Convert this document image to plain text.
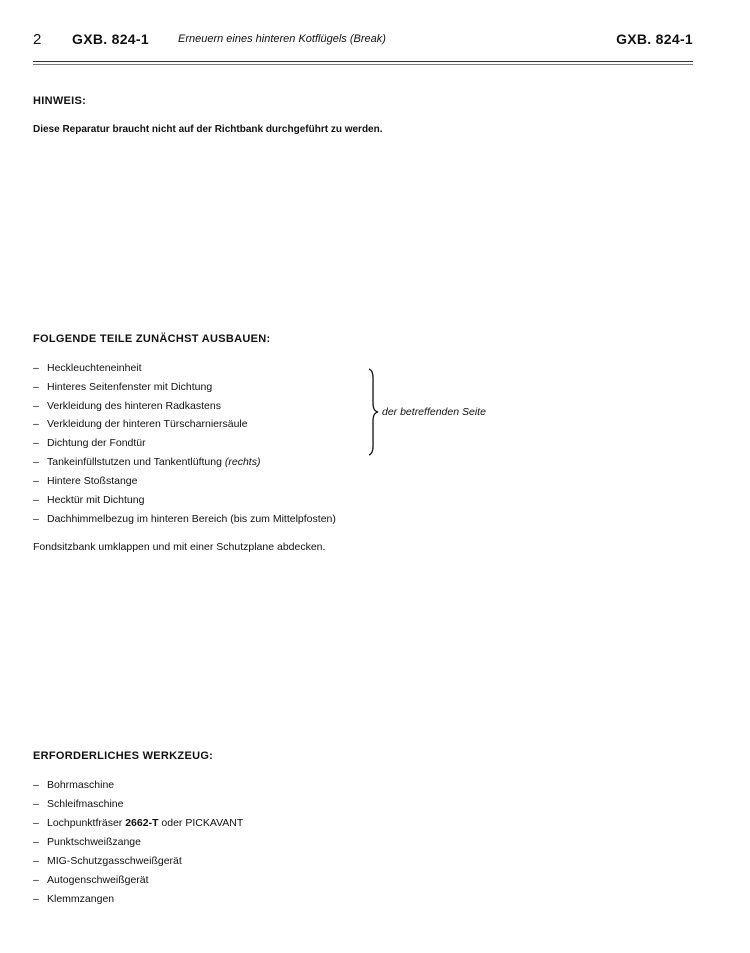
2 GXB. 824-1	Erneuern eines hinteren Kotflügels (Break)	GXB. 824-1
HINWEIS:
Diese Reparatur braucht nicht auf der Richtbank durchgeführt zu werden.
FOLGENDE TEILE ZUNÄCHST AUSBAUEN:
– Heckleuchteneinheit
– Hinteres Seitenfenster mit Dichtung
– Verkleidung des hinteren Radkastens
– Verkleidung der hinteren Türscharniersäule
– Dichtung der Fondtür
– Tankeinfüllstutzen und Tankentlüftung (rechts)
– Hintere Stoßstange
– Hecktür mit Dichtung
– Dachhimmelbezug im hinteren Bereich (bis zum Mittelpfosten)
der betreffenden Seite
Fondsitzbank umklappen und mit einer Schutzplane abdecken.
ERFORDERLICHES WERKZEUG:
– Bohrmaschine
– Schleifmaschine
– Lochpunktfräser 2662-T oder PICKAVANT
– Punktschweißzange
– MIG-Schutzgasschweißgerät
– Autogenschweißgerät
– Klemmzangen
